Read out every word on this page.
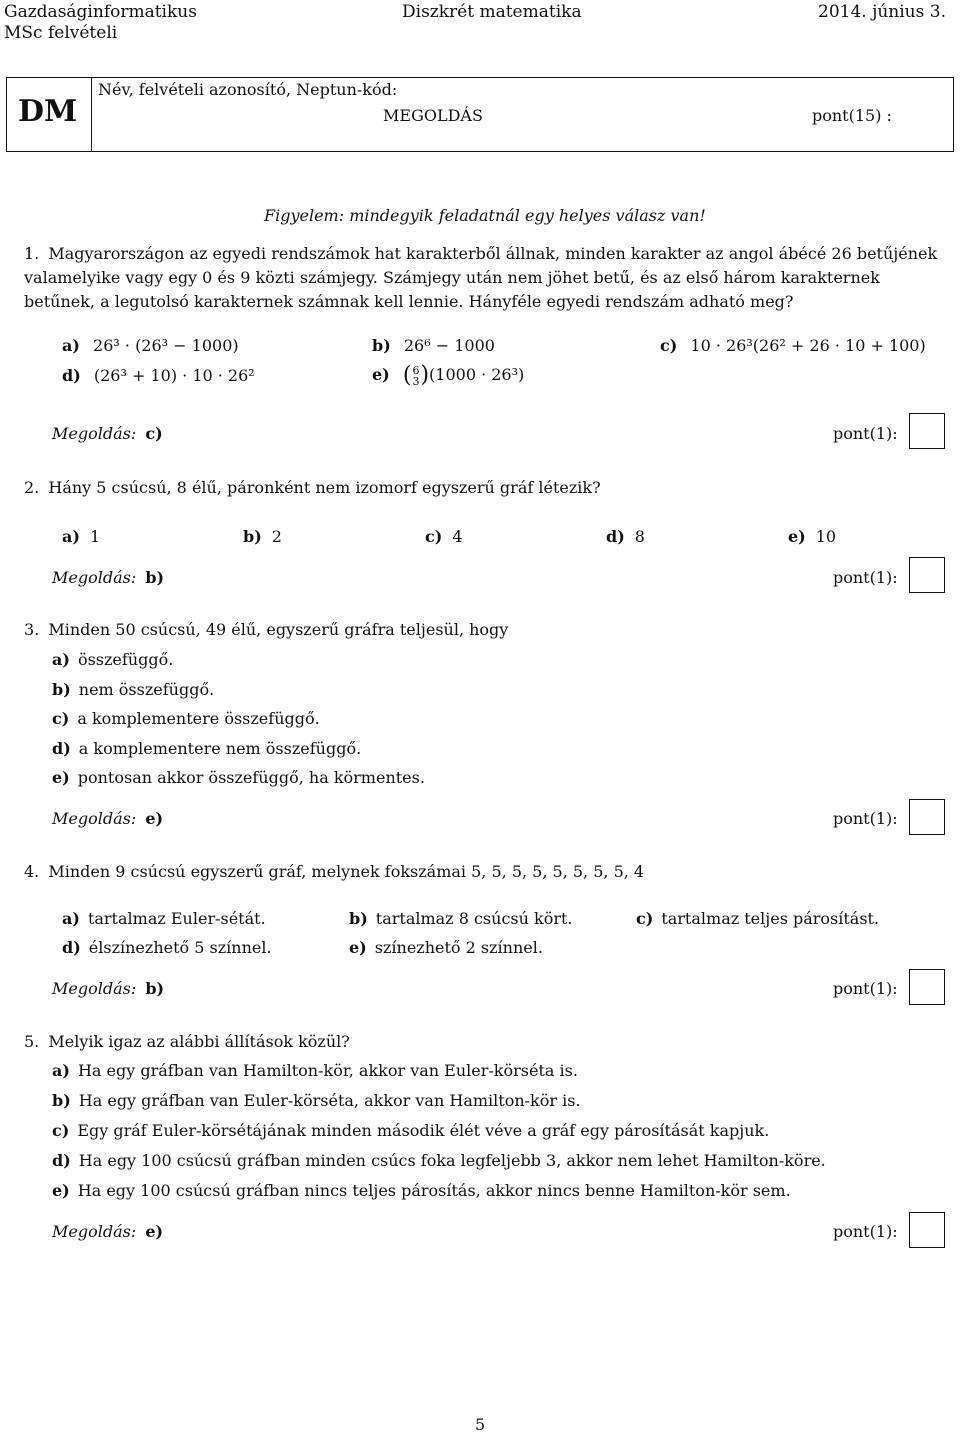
Gazdaságinformatikus
MSc felvételi
Diszkrét matematika	2014. június 3.
DM
Név, felvételi azonosító, Neptun-kód:
MEGOLDÁS	pont(15) :
Figyelem: mindegyik feladatnál egy helyes válasz van!
1. Magyarországon az egyedi rendszámok hat karakterből állnak, minden karakter az angol ábécé 26 betűjének
valamelyike vagy egy 0 és 9 közti számjegy. Számjegy után nem jöhet betű, és az első három karakternek
betűnek, a legutolsó karakternek számnak kell lennie. Hányféle egyedi rendszám adható meg?
a) 26³ · (26³ − 1000)	b) 26⁶ − 1000	c) 10 · 26³(26² + 26 · 10 + 100)
d) (26³ + 10) · 10 · 26²	e) (6
3)(1000 · 26³)
Megoldás: c)	pont(1):
2. Hány 5 csúcsú, 8 élű, páronként nem izomorf egyszerű gráf létezik?
a) 1	b) 2	c) 4	d) 8	e) 10
Megoldás: b)	pont(1):
3. Minden 50 csúcsú, 49 élű, egyszerű gráfra teljesül, hogy
a) összefüggő.
b) nem összefüggő.
c) a komplementere összefüggő.
d) a komplementere nem összefüggő.
e) pontosan akkor összefüggő, ha körmentes.
Megoldás: e)	pont(1):
4. Minden 9 csúcsú egyszerű gráf, melynek fokszámai 5, 5, 5, 5, 5, 5, 5, 5, 4
a) tartalmaz Euler-sétát.	b) tartalmaz 8 csúcsú kört.	c) tartalmaz teljes párosítást.
d) élszínezhető 5 színnel.	e) színezhető 2 színnel.
Megoldás: b)	pont(1):
5. Melyik igaz az alábbi állítások közül?
a) Ha egy gráfban van Hamilton-kör, akkor van Euler-körséta is.
b) Ha egy gráfban van Euler-körséta, akkor van Hamilton-kör is.
c) Egy gráf Euler-körsétájának minden második élét véve a gráf egy párosítását kapjuk.
d) Ha egy 100 csúcsú gráfban minden csúcs foka legfeljebb 3, akkor nem lehet Hamilton-köre.
e) Ha egy 100 csúcsú gráfban nincs teljes párosítás, akkor nincs benne Hamilton-kör sem.
Megoldás: e)	pont(1):
5
